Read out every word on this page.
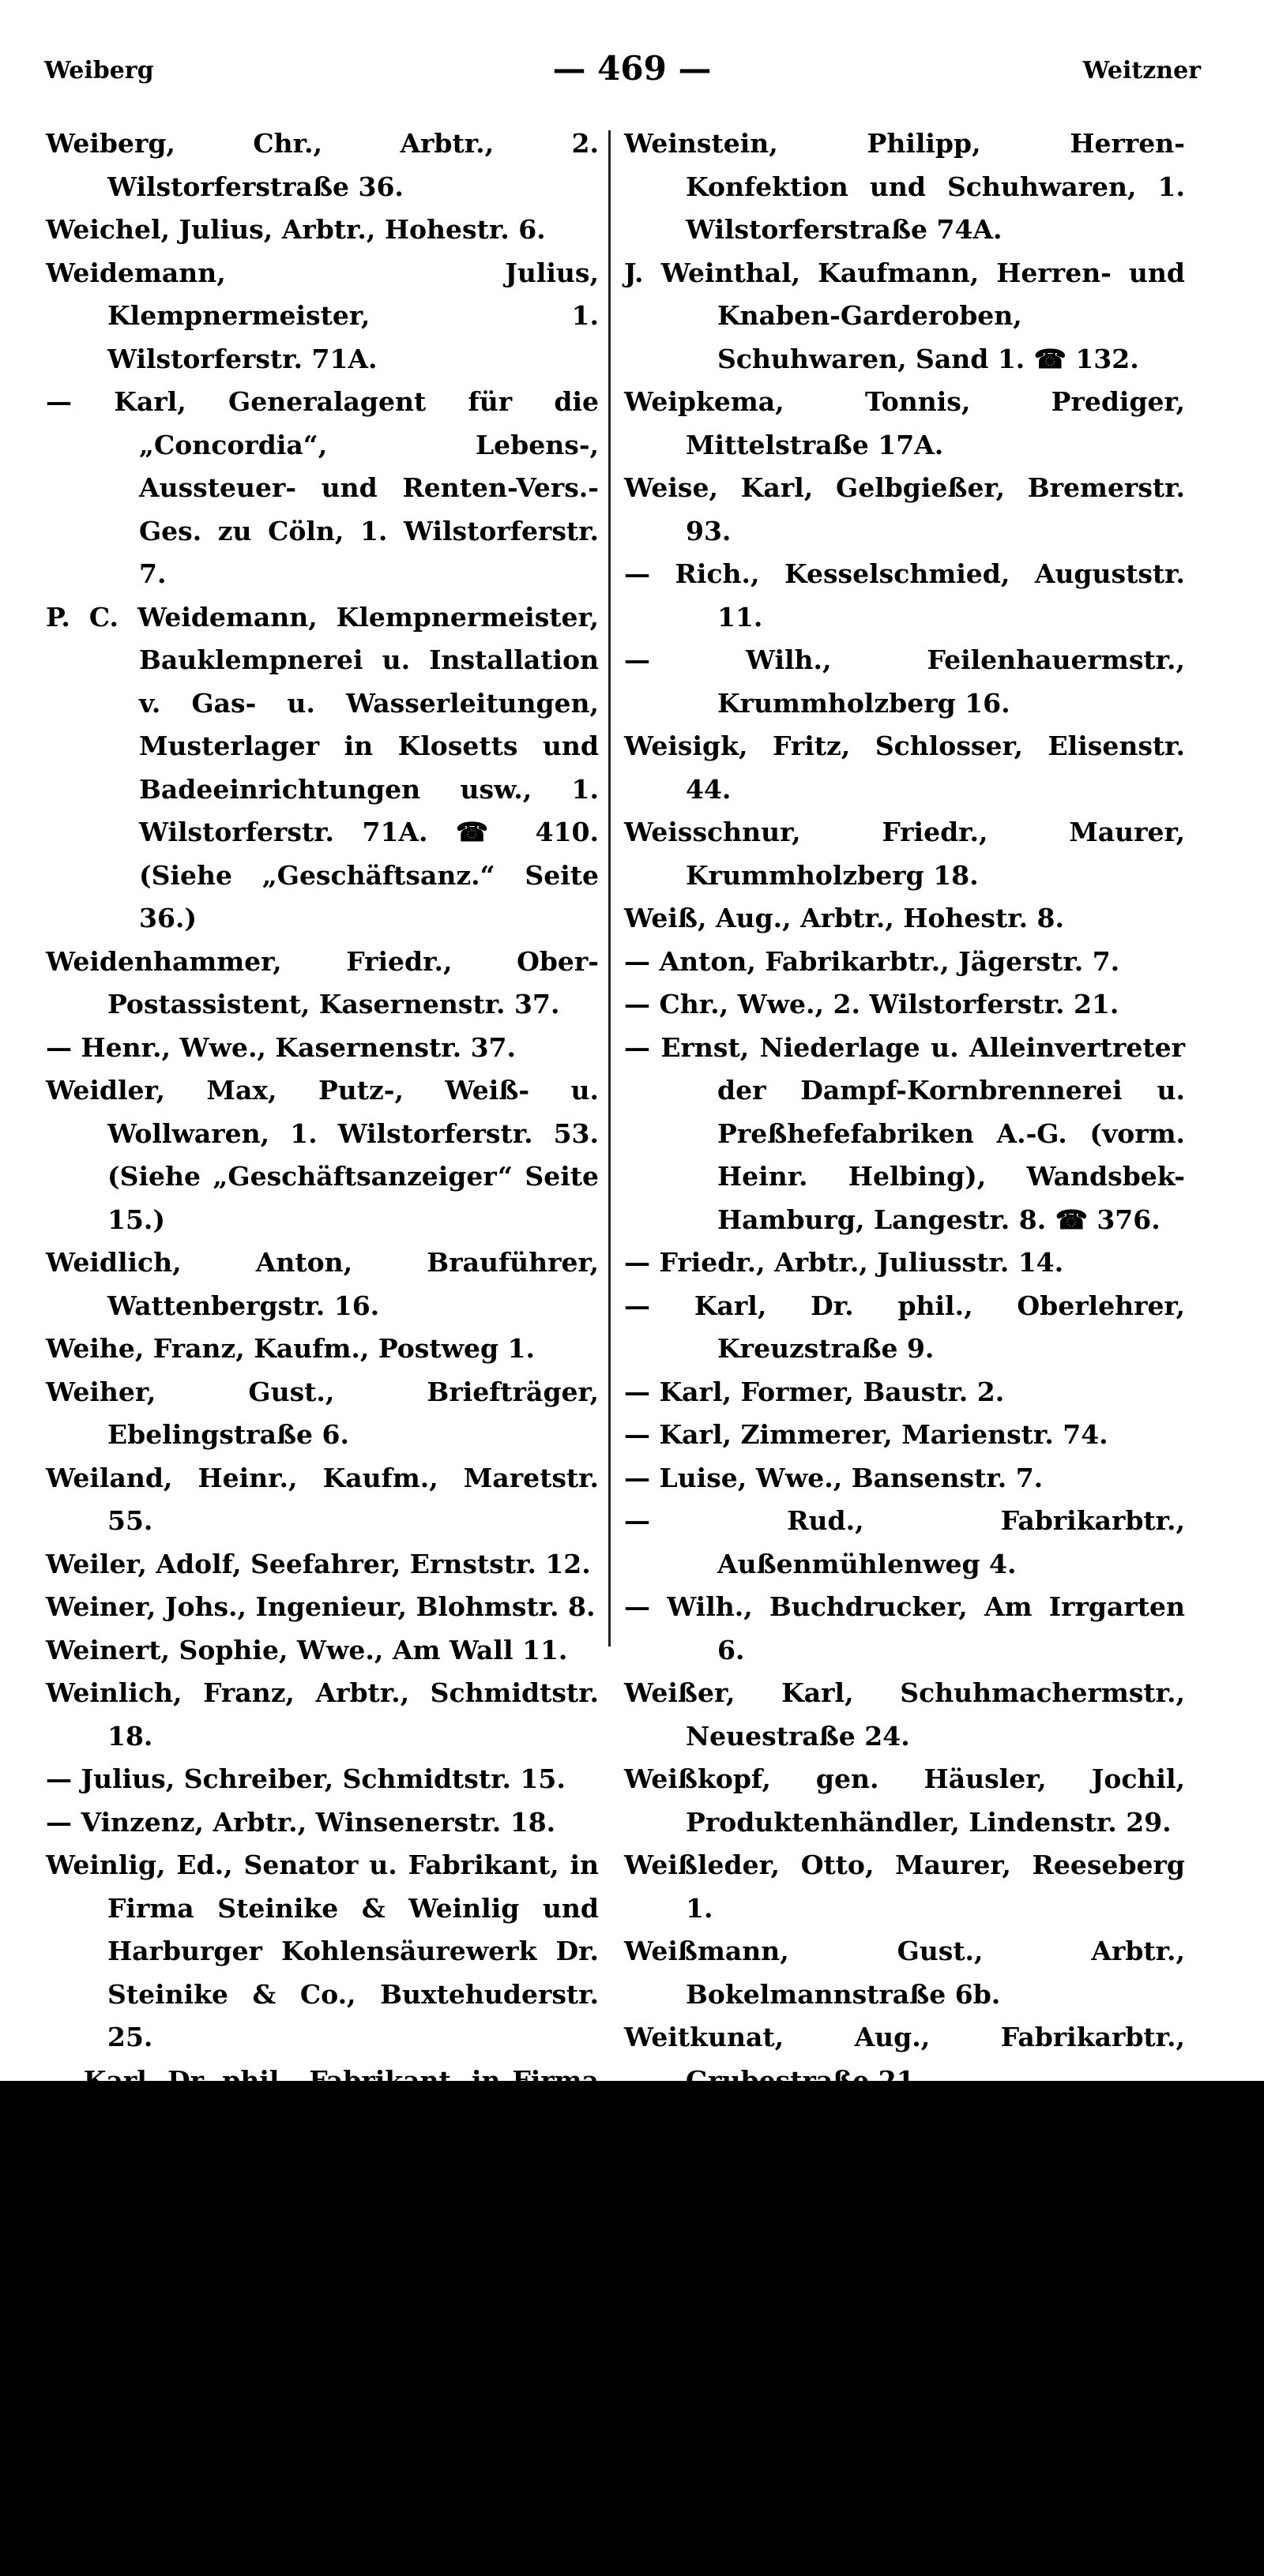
Weiberg	— 469 —	Weitzner
Weiberg, Chr., Arbtr., 2. Wilstorferstraße 36.
Weichel, Julius, Arbtr., Hohestr. 6.
Weidemann, Julius, Klempnermeister, 1. Wilstorferstr. 71A.
— Karl, Generalagent für die „Concordia“, Lebens-, Aussteuer- und Renten-Vers.-Ges. zu Cöln, 1. Wilstorferstr. 7.
P. C. Weidemann, Klempnermeister, Bauklempnerei u. Installation v. Gas- u. Wasserleitungen, Musterlager in Klosetts und Badeeinrichtungen usw., 1. Wilstorferstr. 71A. ☎ 410. (Siehe „Geschäftsanz.“ Seite 36.)
Weidenhammer, Friedr., Ober-Postassistent, Kasernenstr. 37.
— Henr., Wwe., Kasernenstr. 37.
Weidler, Max, Putz-, Weiß- u. Wollwaren, 1. Wilstorferstr. 53. (Siehe „Geschäftsanzeiger“ Seite 15.)
Weidlich, Anton, Brauführer, Wattenbergstr. 16.
Weihe, Franz, Kaufm., Postweg 1.
Weiher, Gust., Briefträger, Ebelingstraße 6.
Weiland, Heinr., Kaufm., Maretstr. 55.
Weiler, Adolf, Seefahrer, Ernststr. 12.
Weiner, Johs., Ingenieur, Blohmstr. 8.
Weinert, Sophie, Wwe., Am Wall 11.
Weinlich, Franz, Arbtr., Schmidtstr. 18.
— Julius, Schreiber, Schmidtstr. 15.
— Vinzenz, Arbtr., Winsenerstr. 18.
Weinlig, Ed., Senator u. Fabrikant, in Firma Steinike & Weinlig und Harburger Kohlensäurewerk Dr. Steinike & Co., Buxtehuderstr. 25.
— Karl, Dr. phil., Fabrikant, in Firma Steinike & Weinlig und Harburger Kohlensäurewerk Dr. Steinike & Co., Gartenstr. 15. ☎ 569.
Weinmann, Paul, Wieger, Turnerstraße 21.
Weinschenk, Wilhelm, Amtsgerichtssekretär, Lüneburgerstr. 44.
Weinstein, Josefa, Arbeiterin, Hohestr. 6.
Weinstein, Philipp, Herren-Konfektion und Schuhwaren, 1. Wilstorferstraße 74A.
J. Weinthal, Kaufmann, Herren- und Knaben-Garderoben, Schuhwaren, Sand 1. ☎ 132.
Weipkema, Tonnis, Prediger, Mittelstraße 17A.
Weise, Karl, Gelbgießer, Bremerstr. 93.
— Rich., Kesselschmied, Auguststr. 11.
— Wilh., Feilenhauermstr., Krummholzberg 16.
Weisigk, Fritz, Schlosser, Elisenstr. 44.
Weisschnur, Friedr., Maurer, Krummholzberg 18.
Weiß, Aug., Arbtr., Hohestr. 8.
— Anton, Fabrikarbtr., Jägerstr. 7.
— Chr., Wwe., 2. Wilstorferstr. 21.
— Ernst, Niederlage u. Alleinvertreter der Dampf-Kornbrennerei u. Preßhefefabriken A.-G. (vorm. Heinr. Helbing), Wandsbek-Hamburg, Langestr. 8. ☎ 376.
— Friedr., Arbtr., Juliusstr. 14.
— Karl, Dr. phil., Oberlehrer, Kreuzstraße 9.
— Karl, Former, Baustr. 2.
— Karl, Zimmerer, Marienstr. 74.
— Luise, Wwe., Bansenstr. 7.
— Rud., Fabrikarbtr., Außenmühlenweg 4.
— Wilh., Buchdrucker, Am Irrgarten 6.
Weißer, Karl, Schuhmachermstr., Neuestraße 24.
Weißkopf, gen. Häusler, Jochil, Produktenhändler, Lindenstr. 29.
Weißleder, Otto, Maurer, Reeseberg 1.
Weißmann, Gust., Arbtr., Bokelmannstraße 6b.
Weitkunat, Aug., Fabrikarbtr., Grubestraße 21.
— Aug., Arbtr., Neulanderweg 13.
Carl Weitz, Möbel, Betten, Konfektion und Manufakturwaren, 1. Wilstorferstr. 42A. ☎ 307. (S. „Geschäftsanzeiger“ Seite 37.)
Weitzner, Chr., Lokomotivführer a. D., Meyerstr. 1.
